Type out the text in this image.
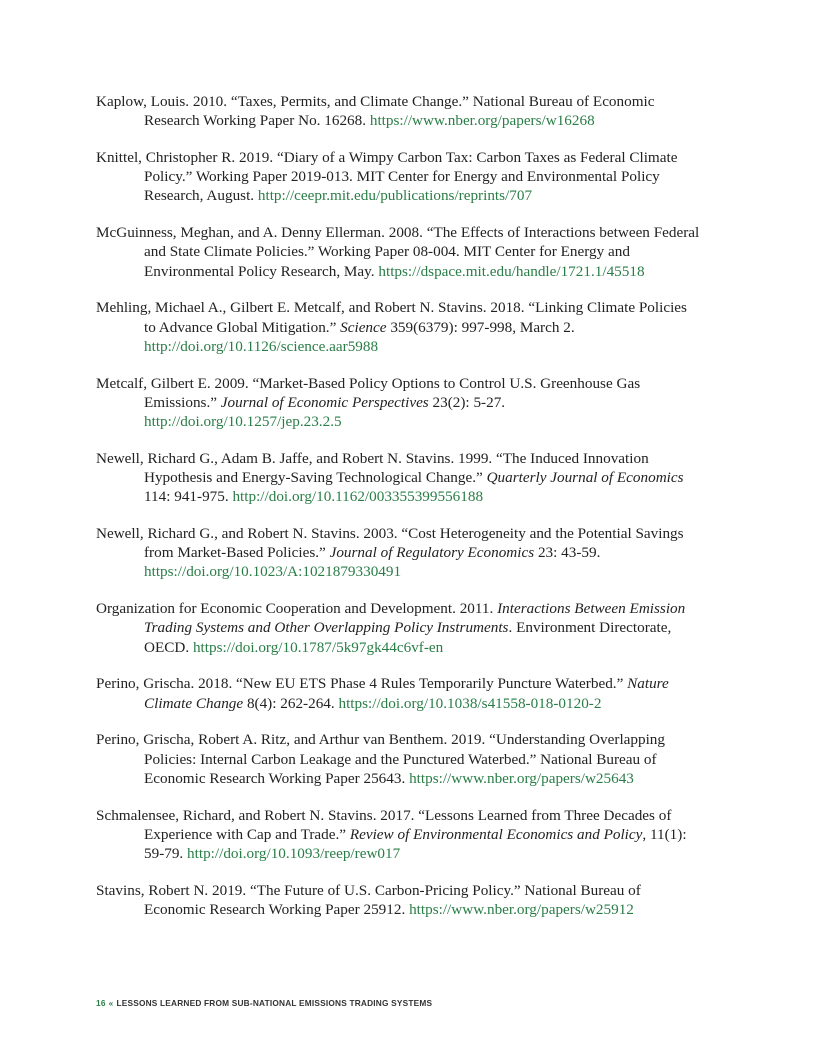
Kaplow, Louis. 2010. “Taxes, Permits, and Climate Change.” National Bureau of Economic Research Working Paper No. 16268. https://www.nber.org/papers/w16268

Knittel, Christopher R. 2019. “Diary of a Wimpy Carbon Tax: Carbon Taxes as Federal Climate Policy.” Working Paper 2019-013. MIT Center for Energy and Environmental Policy Research, August. http://ceepr.mit.edu/publications/reprints/707

McGuinness, Meghan, and A. Denny Ellerman. 2008. “The Effects of Interactions between Federal and State Climate Policies.” Working Paper 08-004. MIT Center for Energy and Environmental Policy Research, May. https://dspace.mit.edu/handle/1721.1/45518

Mehling, Michael A., Gilbert E. Metcalf, and Robert N. Stavins. 2018. “Linking Climate Policies to Advance Global Mitigation.” Science 359(6379): 997-998, March 2. http://doi.org/10.1126/science.aar5988

Metcalf, Gilbert E. 2009. “Market-Based Policy Options to Control U.S. Greenhouse Gas Emissions.” Journal of Economic Perspectives 23(2): 5-27. http://doi.org/10.1257/jep.23.2.5

Newell, Richard G., Adam B. Jaffe, and Robert N. Stavins. 1999. “The Induced Innovation Hypothesis and Energy-Saving Technological Change.” Quarterly Journal of Economics 114: 941-975. http://doi.org/10.1162/003355399556188

Newell, Richard G., and Robert N. Stavins. 2003. “Cost Heterogeneity and the Potential Savings from Market-Based Policies.” Journal of Regulatory Economics 23: 43-59. https://doi.org/10.1023/A:1021879330491

Organization for Economic Cooperation and Development. 2011. Interactions Between Emission Trading Systems and Other Overlapping Policy Instruments. Environment Directorate, OECD. https://doi.org/10.1787/5k97gk44c6vf-en

Perino, Grischa. 2018. “New EU ETS Phase 4 Rules Temporarily Puncture Waterbed.” Nature Climate Change 8(4): 262-264. https://doi.org/10.1038/s41558-018-0120-2

Perino, Grischa, Robert A. Ritz, and Arthur van Benthem. 2019. “Understanding Overlapping Policies: Internal Carbon Leakage and the Punctured Waterbed.” National Bureau of Economic Research Working Paper 25643. https://www.nber.org/papers/w25643

Schmalensee, Richard, and Robert N. Stavins. 2017. “Lessons Learned from Three Decades of Experience with Cap and Trade.” Review of Environmental Economics and Policy, 11(1): 59-79. http://doi.org/10.1093/reep/rew017

Stavins, Robert N. 2019. “The Future of U.S. Carbon-Pricing Policy.” National Bureau of Economic Research Working Paper 25912. https://www.nber.org/papers/w25912

16 « LESSONS LEARNED FROM SUB-NATIONAL EMISSIONS TRADING SYSTEMS
